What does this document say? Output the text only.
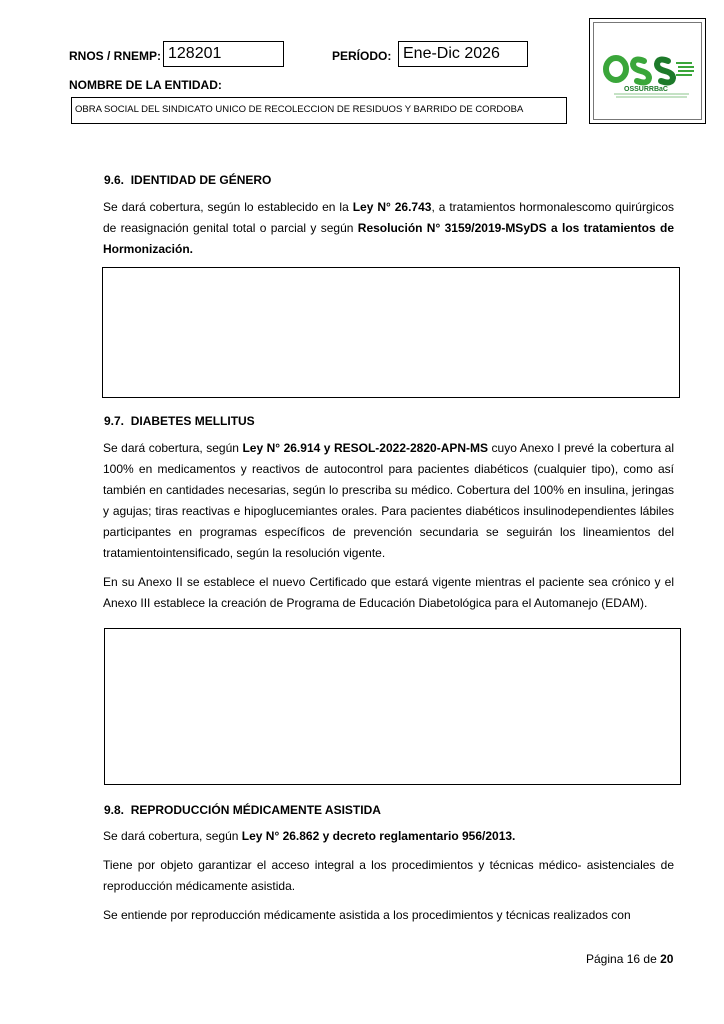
RNOS / RNEMP: 128201	PERÍODO: Ene-Dic 2026
NOMBRE DE LA ENTIDAD:
OBRA SOCIAL DEL SINDICATO UNICO DE RECOLECCION DE RESIDUOS Y BARRIDO DE CORDOBA
OSSURRBaC
9.6. IDENTIDAD DE GÉNERO
Se dará cobertura, según lo establecido en la Ley N° 26.743, a tratamientos hormonalescomo quirúrgicos de reasignación genital total o parcial y según Resolución N° 3159/2019-MSyDS a los tratamientos de Hormonización.
9.7. DIABETES MELLITUS
Se dará cobertura, según Ley N° 26.914 y RESOL-2022-2820-APN-MS cuyo Anexo I prevé la cobertura al 100% en medicamentos y reactivos de autocontrol para pacientes diabéticos (cualquier tipo), como así también en cantidades necesarias, según lo prescriba su médico. Cobertura del 100% en insulina, jeringas y agujas; tiras reactivas e hipoglucemiantes orales. Para pacientes diabéticos insulinodependientes lábiles participantes en programas específicos de prevención secundaria se seguirán los lineamientos del tratamientointensificado, según la resolución vigente.
En su Anexo II se establece el nuevo Certificado que estará vigente mientras el paciente sea crónico y el Anexo III establece la creación de Programa de Educación Diabetológica para el Automanejo (EDAM).
9.8. REPRODUCCIÓN MÉDICAMENTE ASISTIDA
Se dará cobertura, según Ley N° 26.862 y decreto reglamentario 956/2013.
Tiene por objeto garantizar el acceso integral a los procedimientos y técnicas médico- asistenciales de reproducción médicamente asistida.
Se entiende por reproducción médicamente asistida a los procedimientos y técnicas realizados con
Página 16 de 20
